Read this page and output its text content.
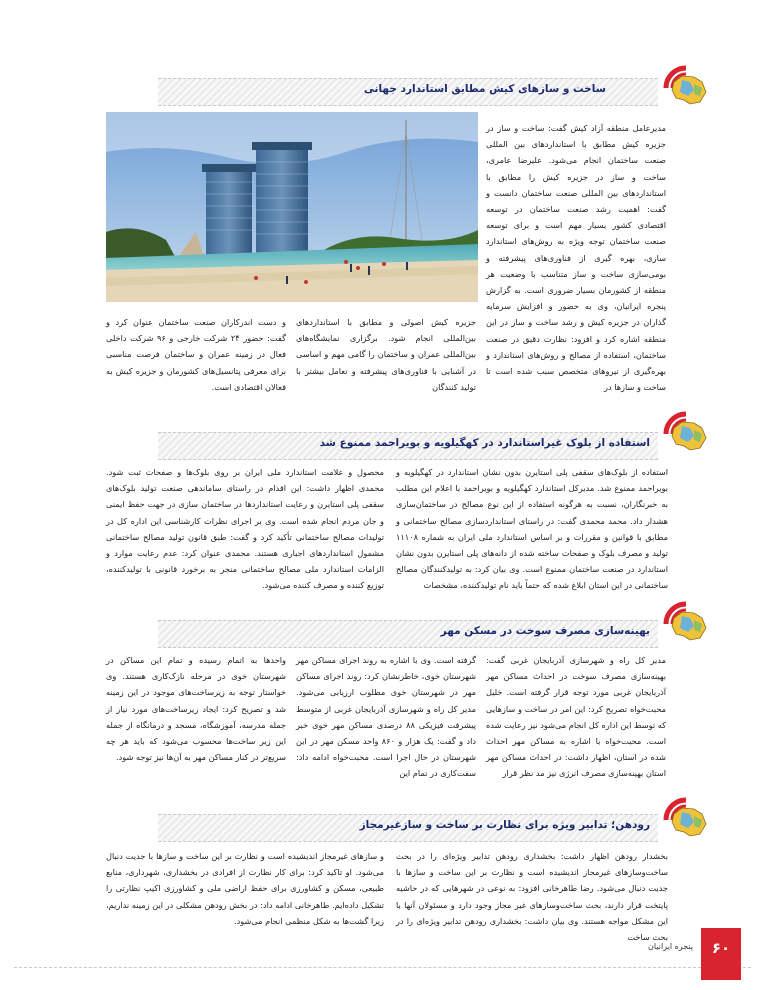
ساخت و سازهای کیش مطابق استاندارد جهانی

مدیرعامل منطقه آزاد کیش گفت: ساخت و ساز در جزیره کیش مطابق با استانداردهای بین المللی صنعت ساختمان انجام می‌شود. علیرضا عامری، ساخت و ساز در جزیره کیش را مطابق با استانداردهای بین المللی صنعت ساختمان دانست و گفت: اهمیت رشد صنعت ساختمان در توسعه اقتصادی کشور بسیار مهم است و برای توسعه صنعت ساختمان توجه ویژه به روش‌های استاندارد سازی، بهره گیری از فناوری‌های پیشرفته و بومی‌سازی ساخت و ساز متناسب با وضعیت هر منطقه از کشورمان بسیار ضروری است. به گزارش پنجره ایرانیان، وی به حضور و افزایش سرمایه گذاران در جزیره کیش و رشد ساخت و ساز در این منطقه اشاره کرد و افزود: نظارت دقیق در صنعت ساختمان، استفاده از مصالح و روش‌های استاندارد و بهره‌گیری از نیروهای متخصص سبب شده است تا ساخت و سازها در

جزیره کیش اصولی و مطابق با استانداردهای بین‌المللی انجام شود. برگزاری نمایشگاه‌های بین‌المللی عمران و ساختمان را گامی مهم و اساسی در آشنایی با فناوری‌های پیشرفته و تعامل بیشتر با تولید کنندگان

و دست اندرکاران صنعت ساختمان عنوان کرد و گفت: حضور ۲۴ شرکت خارجی و ۹۶ شرکت داخلی فعال در زمینه عمران و ساختمان فرصت مناسبی برای معرفی پتانسیل‌های کشورمان و جزیره کیش به فعالان اقتصادی است.

استفاده از بلوک غیراستاندارد در کهگیلویه و بویراحمد ممنوع شد

استفاده از بلوک‌های سقفی پلی استایرن بدون نشان استاندارد در کهگیلویه و بویراحمد ممنوع شد. مدیرکل استاندارد کهگیلویه و بویراحمد با اعلام این مطلب به خبرنگاران، نسبت به هرگونه استفاده از این نوع مصالح در ساختمان‌سازی هشدار داد. محمد محمدی گفت: در راستای استانداردسازی مصالح ساختمانی و مطابق با قوانین و مقررات و بر اساس استاندارد ملی ایران به شماره ۱۱۱۰۸ تولید و مصرف بلوک و صفحات ساخته شده از دانه‌های پلی استایرن بدون نشان استاندارد در صنعت ساختمان ممنوع است. وی بیان کرد: به تولیدکنندگان مصالح ساختمانی در این استان ابلاغ شده که حتماً باید نام تولیدکننده، مشخصات

محصول و علامت استاندارد ملی ایران بر روی بلوک‌ها و صفحات ثبت شود. محمدی اظهار داشت: این اقدام در راستای ساماندهی صنعت تولید بلوک‌های سقفی پلی استایرن و رعایت استانداردها در ساختمان سازی در جهت حفظ ایمنی و جان مردم انجام شده است. وی بر اجرای نظرات کارشناسی این اداره کل در تولیدات مصالح ساختمانی تأکید کرد و گفت: طبق قانون تولید مصالح ساختمانی مشمول استانداردهای اجباری هستند. محمدی عنوان کرد: عدم رعایت موارد و الزامات استاندارد ملی مصالح ساختمانی منجر به برخورد قانونی با تولیدکننده، توزیع کننده و مصرف کننده می‌شود.

بهینه‌سازی مصرف سوخت در مسکن مهر

مدیر کل راه و شهرسازی آذربایجان غربی گفت: بهینه‌سازی مصرف سوخت در احداث مساکن مهر آذربایجان غربی مورد توجه قرار گرفته است. خلیل محبت‌خواه تصریح کرد: این امر در ساخت و سازهایی که توسط این اداره کل انجام می‌شود نیز رعایت شده است. محبت‌خواه با اشاره به مساکن مهر احداث شده در استان، اظهار داشت: در احداث مساکن مهر استان بهینه‌سازی مصرف انرژی نیز مد نظر قرار

گرفته است. وی با اشاره به روند اجرای مساکن مهر شهرستان خوی، خاطرنشان کرد: روند اجرای مساکن مهر در شهرستان خوی مطلوب ارزیابی می‌شود. مدیر کل راه و شهرسازی آذربایجان غربی از متوسط پیشرفت فیزیکی ۸۸ درصدی مساکن مهر خوی خبر داد و گفت: یک هزار و ۸۶۰ واحد مسکن مهر در این شهرستان در حال اجرا است. محبت‌خواه ادامه داد: سفت‌کاری در تمام این

واحدها به اتمام رسیده و تمام این مساکن در شهرستان خوی در مرحله نازک‌کاری هستند. وی خواستار توجه به زیرساخت‌های موجود در این زمینه شد و تصریح کرد: ایجاد زیرساخت‌های مورد نیاز از جمله مدرسه، آموزشگاه، مسجد و درمانگاه از جمله این زیر ساخت‌ها محسوب می‌شود که باید هر چه سریع‌تر در کنار مساکن مهر به آن‌ها نیز توجه شود.

رودهن؛ تدابیر ویژه برای نظارت بر ساخت و سازغیرمجاز

بخشدار رودهن اظهار داشت: بخشداری رودهن تدابیر ویژه‌ای را در بحث ساخت‌وسازهای غیرمجاز اندیشیده است و نظارت بر این ساخت و سازها با جدیت دنبال می‌شود. رضا طاهرخانی افزود: به نوعی در شهرهایی که در حاشیه پایتخت قرار دارند، بحث ساخت‌وسازهای غیر مجاز وجود دارد و مسئولان آنها با این مشکل مواجه هستند. وی بیان داشت: بخشداری رودهن تدابیر ویژه‌ای را در بحث ساخت

و سازهای غیرمجاز اندیشیده است و نظارت بر این ساخت و سازها با جدیت دنبال می‌شود. او تاکید کرد: برای کار نظارت از افرادی در بخشداری، شهرداری، منابع طبیعی، مسکن و کشاورزی برای حفظ اراضی ملی و کشاورزی اکیپ نظارتی را تشکیل داده‌ایم. طاهرخانی ادامه داد: در بخش رودهن مشکلی در این زمینه نداریم، زیرا گشت‌ها به شکل منظمی انجام می‌شود.

پنجره ایرانیان	۶۰
